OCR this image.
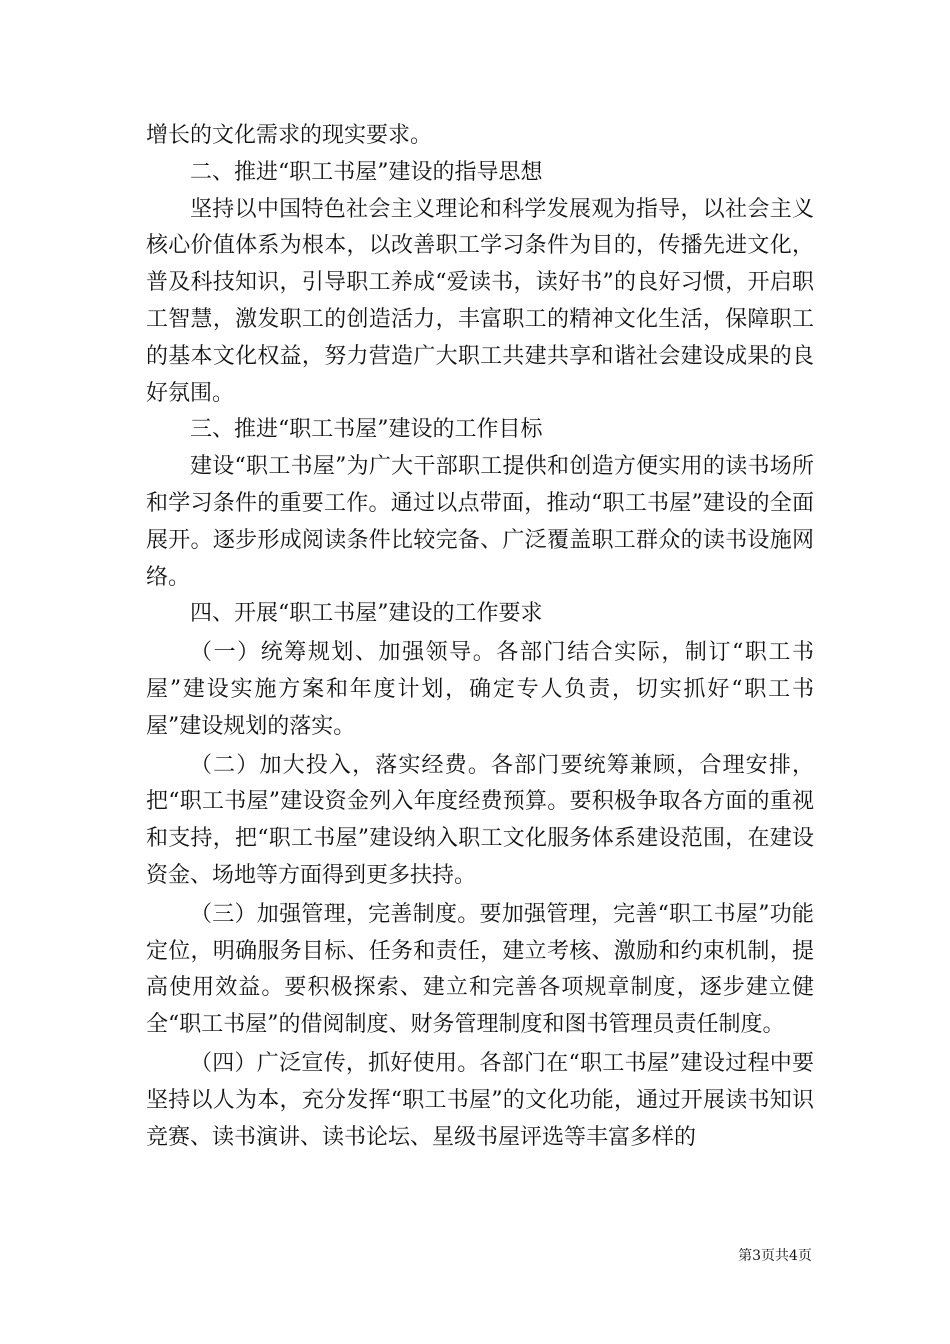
增长的文化需求的现实要求。

二、推进“职工书屋”建设的指导思想

坚持以中国特色社会主义理论和科学发展观为指导，以社会主义核心价值体系为根本，以改善职工学习条件为目的，传播先进文化，普及科技知识，引导职工养成“爱读书，读好书”的良好习惯，开启职工智慧，激发职工的创造活力，丰富职工的精神文化生活，保障职工的基本文化权益，努力营造广大职工共建共享和谐社会建设成果的良好氛围。

三、推进“职工书屋”建设的工作目标

建设“职工书屋”为广大干部职工提供和创造方便实用的读书场所和学习条件的重要工作。通过以点带面，推动“职工书屋”建设的全面展开。逐步形成阅读条件比较完备、广泛覆盖职工群众的读书设施网络。

四、开展“职工书屋”建设的工作要求

（一）统筹规划、加强领导。各部门结合实际，制订“职工书屋”建设实施方案和年度计划，确定专人负责，切实抓好“职工书屋”建设规划的落实。

（二）加大投入，落实经费。各部门要统筹兼顾，合理安排，把“职工书屋”建设资金列入年度经费预算。要积极争取各方面的重视和支持，把“职工书屋”建设纳入职工文化服务体系建设范围，在建设资金、场地等方面得到更多扶持。

（三）加强管理，完善制度。要加强管理，完善“职工书屋”功能定位，明确服务目标、任务和责任，建立考核、激励和约束机制，提高使用效益。要积极探索、建立和完善各项规章制度，逐步建立健全“职工书屋”的借阅制度、财务管理制度和图书管理员责任制度。

（四）广泛宣传，抓好使用。各部门在“职工书屋”建设过程中要坚持以人为本，充分发挥“职工书屋”的文化功能，通过开展读书知识竞赛、读书演讲、读书论坛、星级书屋评选等丰富多样的

第3页共4页
